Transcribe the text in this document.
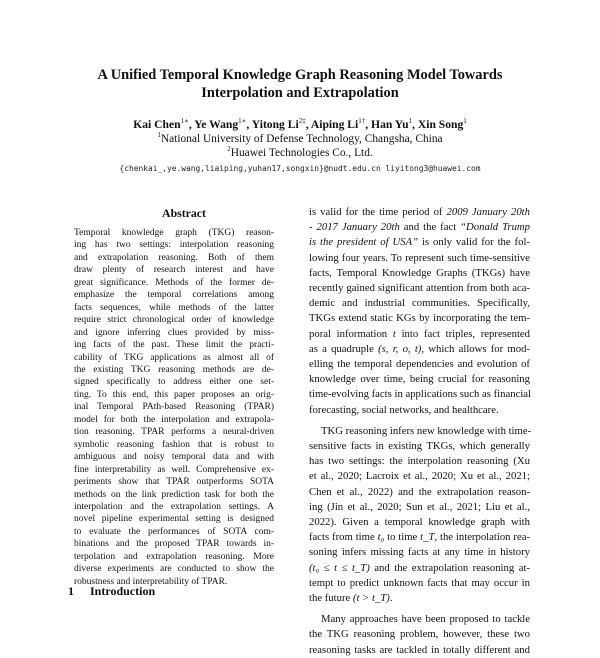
A Unified Temporal Knowledge Graph Reasoning Model Towards
Interpolation and Extrapolation
Kai Chen$^{1∗}$, Ye Wang$^{1∗}$, Yitong $Li^{2\ddagger}$, Aiping $Li^{1\dagger}$, Han Yu$^1$, Xin Song$^1$
$^1$National University of Defense Technology, Changsha, China
$^2$Huawei Technologies Co., Ltd.
{chenkai_,ye.wang,liaiping,yuhan17,songxin}@nudt.edu.cn liyitong3@huawei.com
Abstract
Temporal knowledge graph (TKG) reason-
ing has two settings: interpolation reasoning
and extrapolation reasoning. Both of them
draw plenty of research interest and have
great significance. Methods of the former de-
emphasize the temporal correlations among
facts sequences, while methods of the latter
require strict chronological order of knowledge
and ignore inferring clues provided by miss-
ing facts of the past. These limit the practi-
cability of TKG applications as almost all of
the existing TKG reasoning methods are de-
signed specifically to address either one set-
ting. To this end, this paper proposes an orig-
inal Temporal PAth-based Reasoning (TPAR)
model for both the interpolation and extrapola-
tion reasoning. TPAR performs a neural-driven
symbolic reasoning fashion that is robust to
ambiguous and noisy temporal data and with
fine interpretability as well. Comprehensive ex-
periments show that TPAR outperforms SOTA
methods on the link prediction task for both the
interpolation and the extrapolation settings. A
novel pipeline experimental setting is designed
to evaluate the performances of SOTA com-
binations and the proposed TPAR towards in-
terpolation and extrapolation reasoning. More
diverse experiments are conducted to show the
robustness and interpretability of TPAR.
1 Introduction
is valid for the time period of 2009 January 20th
- 2017 January 20th and the fact “Donald Trump
is the president of USA” is only valid for the fol-
lowing four years. To represent such time-sensitive
facts, Temporal Knowledge Graphs (TKGs) have
recently gained significant attention from both aca-
demic and industrial communities. Specifically,
TKGs extend static KGs by incorporating the tem-
poral information t into fact triples, represented
as a quadruple (s, r, o, t), which allows for mod-
elling the temporal dependencies and evolution of
knowledge over time, being crucial for reasoning
time-evolving facts in applications such as financial
forecasting, social networks, and healthcare.
TKG reasoning infers new knowledge with time-
sensitive facts in existing TKGs, which generally
has two settings: the interpolation reasoning (Xu
et al., 2020; Lacroix et al., 2020; Xu et al., 2021;
Chen et al., 2022) and the extrapolation reason-
ing (Jin et al., 2020; Sun et al., 2021; Liu et al.,
2022). Given a temporal knowledge graph with
facts from time t₀ to time t_T, the interpolation rea-
soning infers missing facts at any time in history
(t₀ ≤ t ≤ t_T) and the extrapolation reasoning at-
tempt to predict unknown facts that may occur in
the future (t > t_T).
Many approaches have been proposed to tackle
the TKG reasoning problem, however, these two
reasoning tasks are tackled in totally different and
